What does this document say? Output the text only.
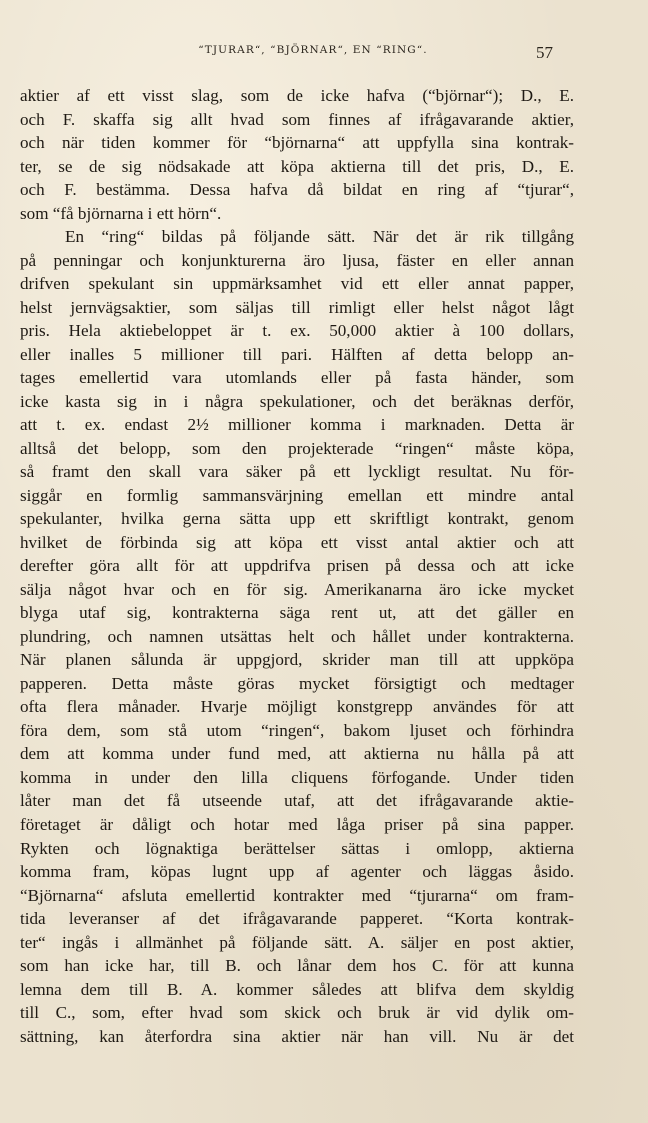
“TJURAR“, “BJÖRNAR“, EN “RING“.	57
aktier af ett visst slag, som de icke hafva (“björnar“); D., E.
och F. skaffa sig allt hvad som finnes af ifrågavarande aktier,
och när tiden kommer för “björnarna“ att uppfylla sina kontrak-
ter, se de sig nödsakade att köpa aktierna till det pris, D., E.
och F. bestämma. Dessa hafva då bildat en ring af “tjurar“,
som “få björnarna i ett hörn“.
En “ring“ bildas på följande sätt. När det är rik tillgång
på penningar och konjunkturerna äro ljusa, fäster en eller annan
drifven spekulant sin uppmärksamhet vid ett eller annat papper,
helst jernvägsaktier, som säljas till rimligt eller helst något lågt
pris. Hela aktiebeloppet är t. ex. 50,000 aktier à 100 dollars,
eller inalles 5 millioner till pari. Hälften af detta belopp an-
tages emellertid vara utomlands eller på fasta händer, som
icke kasta sig in i några spekulationer, och det beräknas derför,
att t. ex. endast 2½ millioner komma i marknaden. Detta är
alltså det belopp, som den projekterade “ringen“ måste köpa,
så framt den skall vara säker på ett lyckligt resultat. Nu för-
siggår en formlig sammansvärjning emellan ett mindre antal
spekulanter, hvilka gerna sätta upp ett skriftligt kontrakt, genom
hvilket de förbinda sig att köpa ett visst antal aktier och att
derefter göra allt för att uppdrifva prisen på dessa och att icke
sälja något hvar och en för sig. Amerikanarna äro icke mycket
blyga utaf sig, kontrakterna säga rent ut, att det gäller en
plundring, och namnen utsättas helt och hållet under kontrakterna.
När planen sålunda är uppgjord, skrider man till att uppköpa
papperen. Detta måste göras mycket försigtigt och medtager
ofta flera månader. Hvarje möjligt konstgrepp användes för att
föra dem, som stå utom “ringen“, bakom ljuset och förhindra
dem att komma under fund med, att aktierna nu hålla på att
komma in under den lilla cliquens förfogande. Under tiden
låter man det få utseende utaf, att det ifrågavarande aktie-
företaget är dåligt och hotar med låga priser på sina papper.
Rykten och lögnaktiga berättelser sättas i omlopp, aktierna
komma fram, köpas lugnt upp af agenter och läggas åsido.
“Björnarna“ afsluta emellertid kontrakter med “tjurarna“ om fram-
tida leveranser af det ifrågavarande papperet. “Korta kontrak-
ter“ ingås i allmänhet på följande sätt. A. säljer en post aktier,
som han icke har, till B. och lånar dem hos C. för att kunna
lemna dem till B. A. kommer således att blifva dem skyldig
till C., som, efter hvad som skick och bruk är vid dylik om-
sättning, kan återfordra sina aktier när han vill. Nu är det
